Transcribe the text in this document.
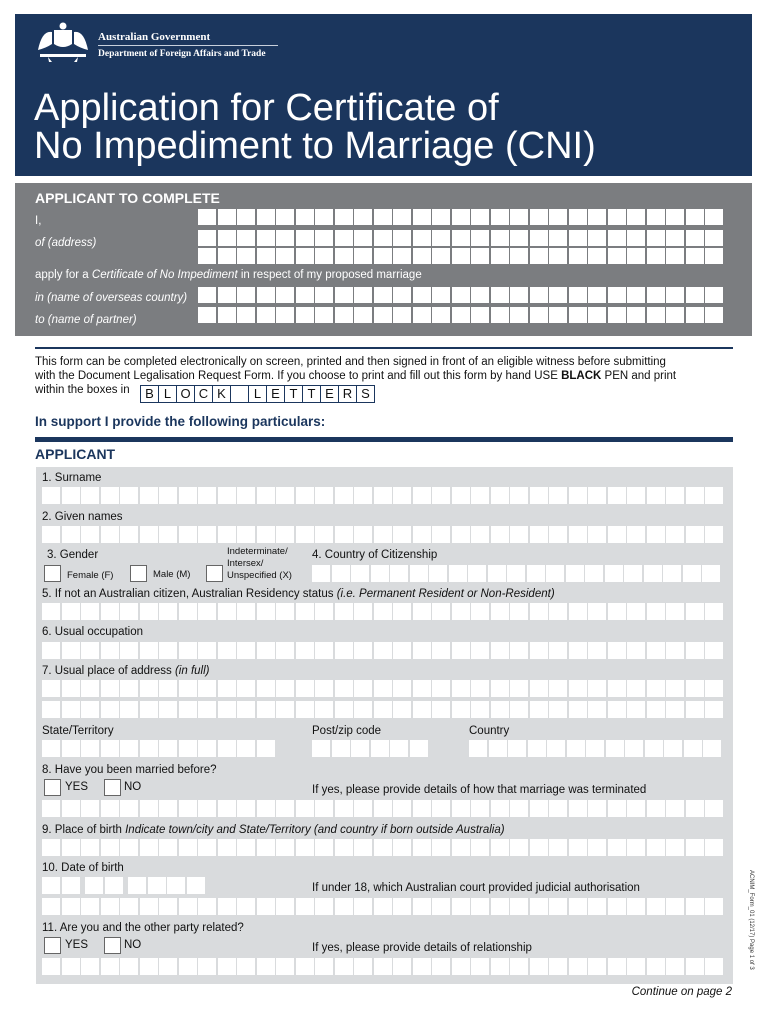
Australian Government
Department of Foreign Affairs and Trade
Application for Certificate of
No Impediment to Marriage (CNI)
APPLICANT TO COMPLETE
I,
of (address)
apply for a Certificate of No Impediment in respect of my proposed marriage
in (name of overseas country)
to (name of partner)
This form can be completed electronically on screen, printed and then signed in front of an eligible witness before submitting
with the Document Legalisation Request Form. If you choose to print and fill out this form by hand USE BLACK PEN and print
within the boxes in	B L O C K	L E T T E R S
In support I provide the following particulars:
APPLICANT
1. Surname
2. Given names
3. Gender
Female (F)	Male (M)
Indeterminate/
Intersex/
Unspecified (X)
4. Country of Citizenship
5. If not an Australian citizen, Australian Residency status (i.e. Permanent Resident or Non-Resident)
6. Usual occupation
7. Usual place of address (in full)
State/Territory	Post/zip code	Country
8. Have you been married before?
YES	NO	If yes, please provide details of how that marriage was terminated
9. Place of birth Indicate town/city and State/Territory (and country if born outside Australia)
10. Date of birth
If under 18, which Australian court provided judicial authorisation
11. Are you and the other party related?
YES	NO	If yes, please provide details of relationship
Continue on page 2
ACNIM_Form_01 (12/17) Page 1 of 3
